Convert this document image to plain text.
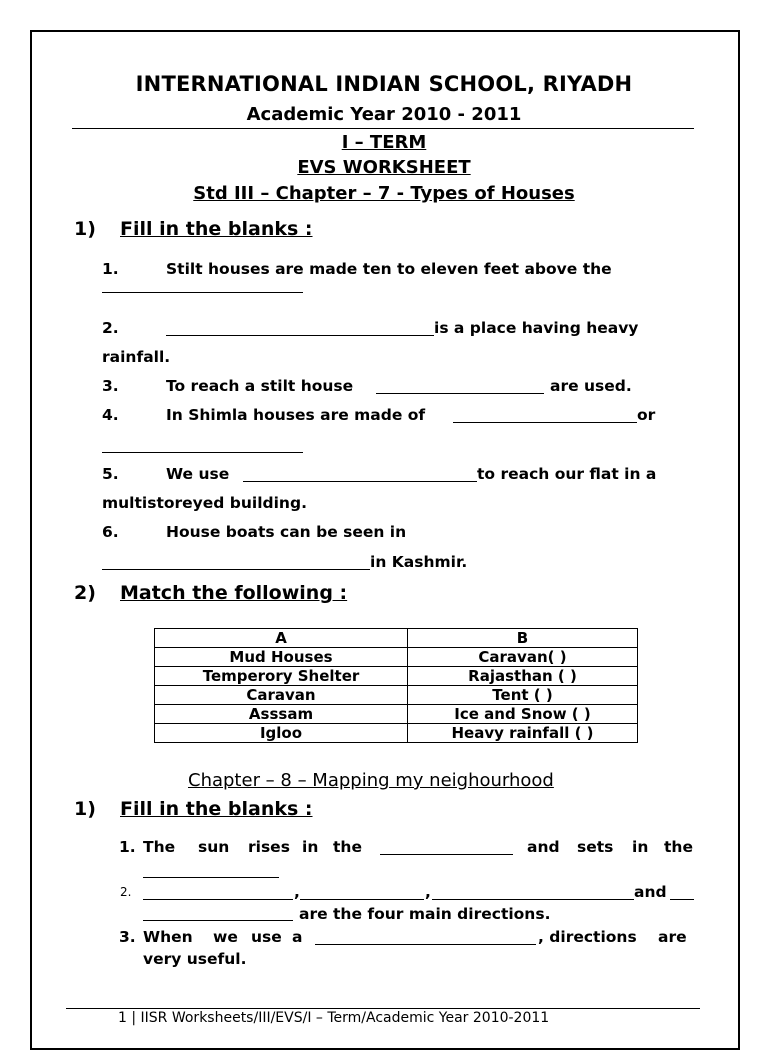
INTERNATIONAL INDIAN SCHOOL, RIYADH
Academic Year 2010 - 2011
I – TERM
EVS WORKSHEET
Std III – Chapter – 7 - Types of Houses
1) Fill in the blanks :
1.	Stilt houses are made ten to eleven feet above the
2.	is a place having heavy
rainfall.
3.	To reach a stilt house	are used.
4.	In Shimla houses are made of	or
5.	We use	to reach our flat in a
multistoreyed building.
6.	House boats can be seen in
in Kashmir.
2) Match the following :
A	B
Mud Houses	Caravan( )
Temperory Shelter	Rajasthan ( )
Caravan	Tent ( )
Asssam	Ice and Snow ( )
Igloo	Heavy rainfall ( )
Chapter – 8 – Mapping my neighourhood
1) Fill in the blanks :
1. The sun rises in the	and sets in the
2.	,	,	and
are the four main directions.
3. When we use a	, directions are
very useful.
1 | IISR Worksheets/III/EVS/I – Term/Academic Year 2010-2011
